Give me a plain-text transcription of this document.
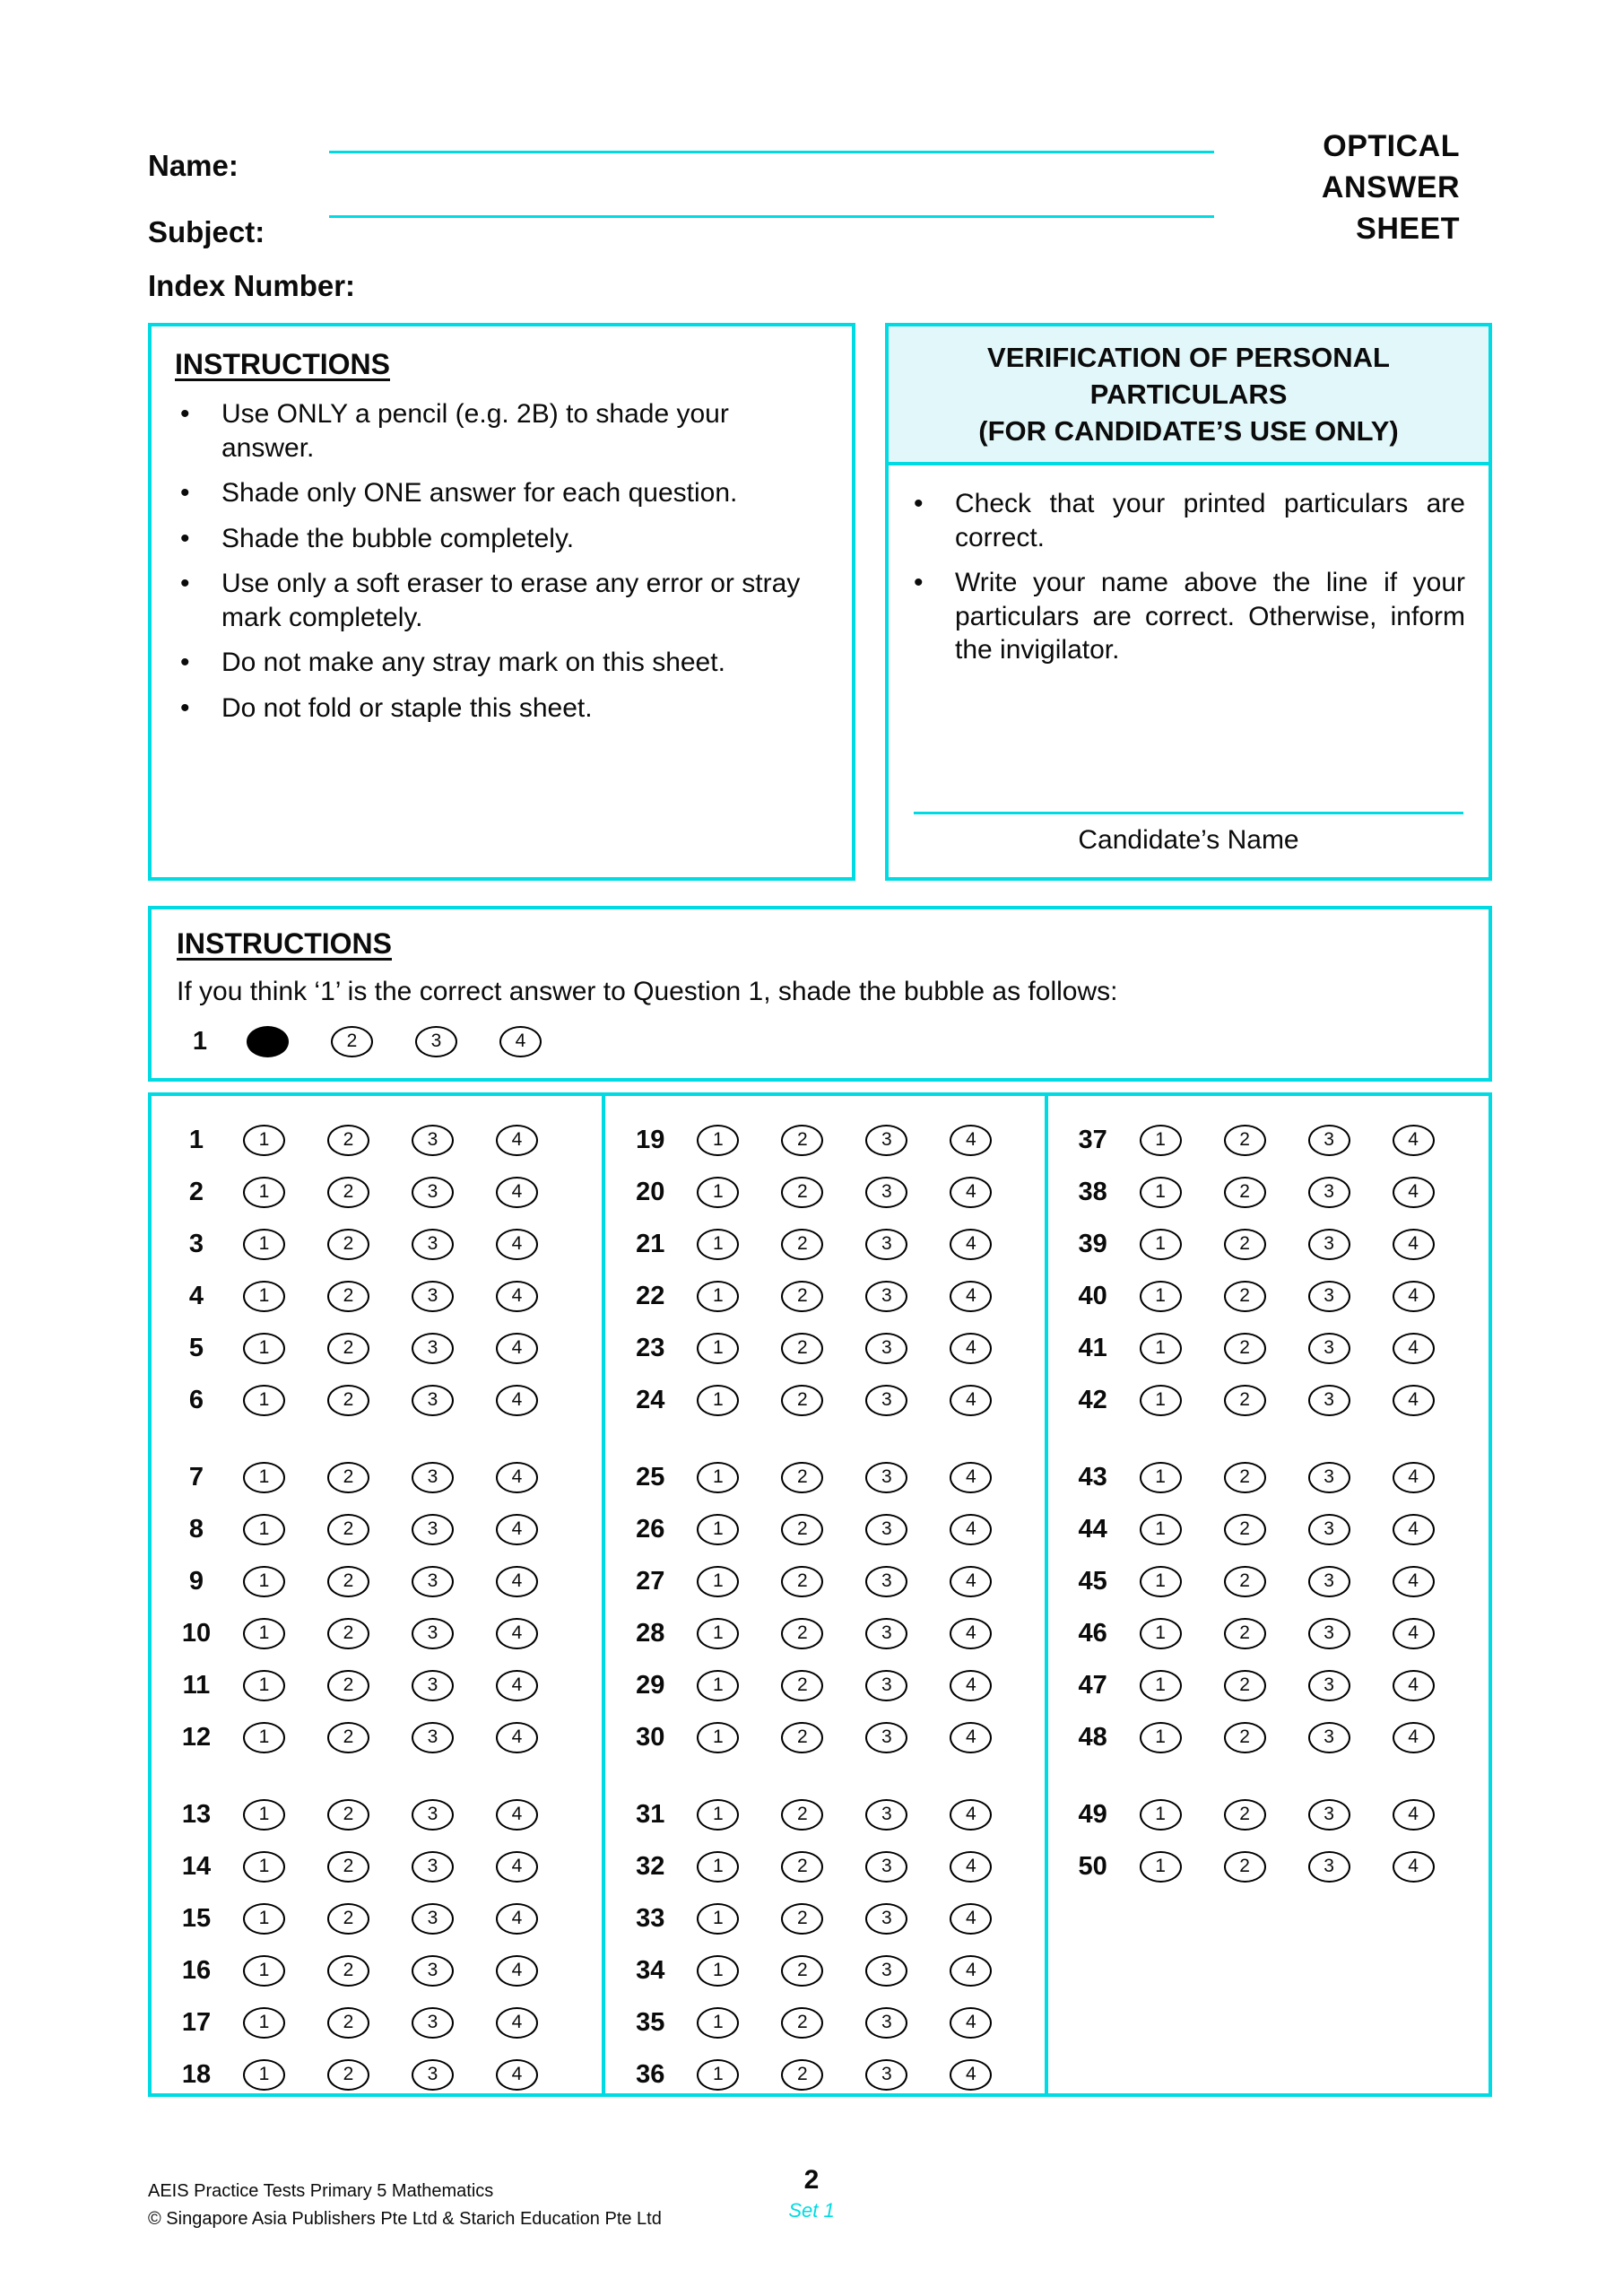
Name:
Subject:
OPTICAL
ANSWER
SHEET
Index Number:
INSTRUCTIONS
•	Use ONLY a pencil (e.g. 2B) to shade your answer.
•	Shade only ONE answer for each question.
•	Shade the bubble completely.
•	Use only a soft eraser to erase any error or stray mark completely.
•	Do not make any stray mark on this sheet.
•	Do not fold or staple this sheet.
VERIFICATION OF PERSONAL
PARTICULARS
(FOR CANDIDATE’S USE ONLY)
•	Check that your printed particulars are correct.
•	Write your name above the line if your particulars are correct. Otherwise, inform the invigilator.
Candidate’s Name
INSTRUCTIONS
If you think ‘1’ is the correct answer to Question 1, shade the bubble as follows:
1	2	3	4
1	1	2	3	4
2	1	2	3	4
3	1	2	3	4
4	1	2	3	4
5	1	2	3	4
6	1	2	3	4
7	1	2	3	4
8	1	2	3	4
9	1	2	3	4
10	1	2	3	4
11	1	2	3	4
12	1	2	3	4
13	1	2	3	4
14	1	2	3	4
15	1	2	3	4
16	1	2	3	4
17	1	2	3	4
18	1	2	3	4
19	1	2	3	4
20	1	2	3	4
21	1	2	3	4
22	1	2	3	4
23	1	2	3	4
24	1	2	3	4
25	1	2	3	4
26	1	2	3	4
27	1	2	3	4
28	1	2	3	4
29	1	2	3	4
30	1	2	3	4
31	1	2	3	4
32	1	2	3	4
33	1	2	3	4
34	1	2	3	4
35	1	2	3	4
36	1	2	3	4
37	1	2	3	4
38	1	2	3	4
39	1	2	3	4
40	1	2	3	4
41	1	2	3	4
42	1	2	3	4
43	1	2	3	4
44	1	2	3	4
45	1	2	3	4
46	1	2	3	4
47	1	2	3	4
48	1	2	3	4
49	1	2	3	4
50	1	2	3	4
AEIS Practice Tests Primary 5 Mathematics
© Singapore Asia Publishers Pte Ltd & Starich Education Pte Ltd
2
Set 1
